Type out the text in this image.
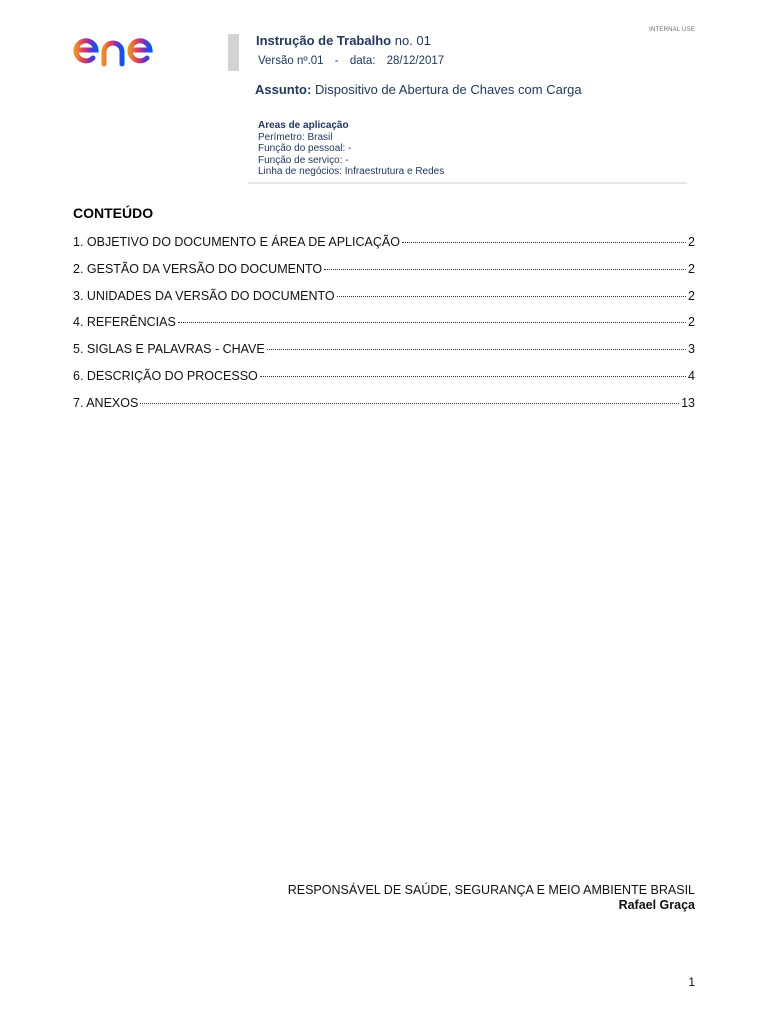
INTERNAL USE
Instrução de Trabalho no. 01
Versão nº.01 - data: 28/12/2017
Assunto: Dispositivo de Abertura de Chaves com Carga
Areas de aplicação
Perímetro: Brasil
Função do pessoal: -
Função de serviço: -
Linha de negócios: Infraestrutura e Redes
CONTEÚDO
1. OBJETIVO DO DOCUMENTO E ÁREA DE APLICAÇÃO	2
2. GESTÃO DA VERSÃO DO DOCUMENTO	2
3. UNIDADES DA VERSÃO DO DOCUMENTO	2
4. REFERÊNCIAS	2
5. SIGLAS E PALAVRAS - CHAVE	3
6. DESCRIÇÃO DO PROCESSO	4
7. ANEXOS	13
RESPONSÁVEL DE SAÚDE, SEGURANÇA E MEIO AMBIENTE BRASIL
Rafael Graça
1
